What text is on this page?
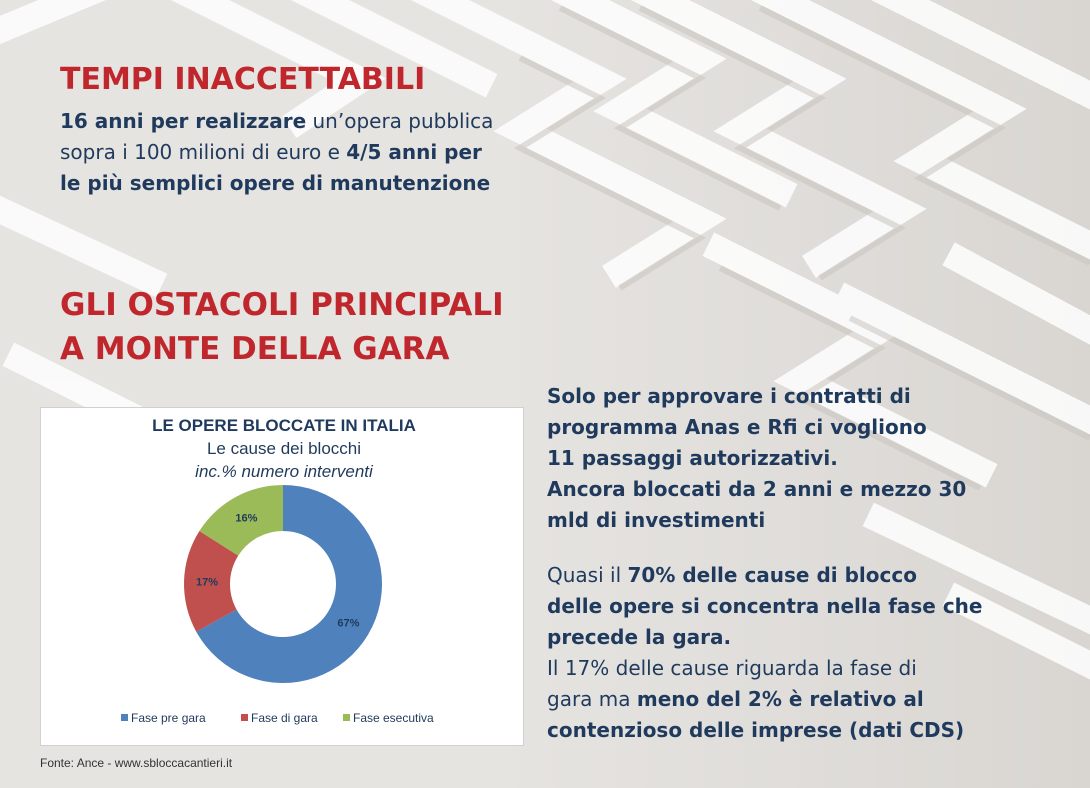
TEMPI INACCETTABILI
16 anni per realizzare un’opera pubblica
sopra i 100 milioni di euro e 4/5 anni per
le più semplici opere di manutenzione
GLI OSTACOLI PRINCIPALI
A MONTE DELLA GARA
Solo per approvare i contratti di
programma Anas e Rfi ci vogliono
11 passaggi autorizzativi.
Ancora bloccati da 2 anni e mezzo 30
mld di investimenti
Quasi il 70% delle cause di blocco
delle opere si concentra nella fase che
precede la gara.
Il 17% delle cause riguarda la fase di
gara ma meno del 2% è relativo al
contenzioso delle imprese (dati CDS)
LE OPERE BLOCCATE IN ITALIA
Le cause dei blocchi
inc.% numero interventi
67%
17%
16%
Fase pre gara	Fase di gara	Fase esecutiva
Fonte: Ance - www.sbloccacantieri.it
